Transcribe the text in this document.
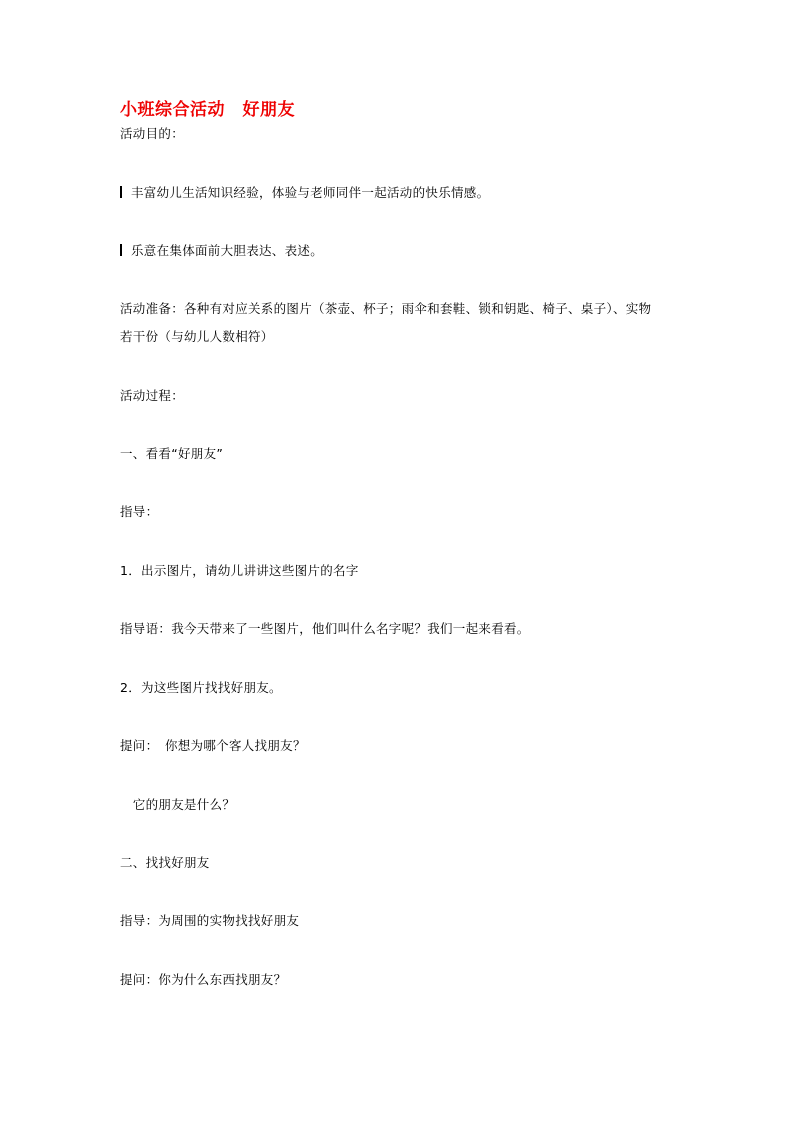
小班综合活动　好朋友
活动目的：
丰富幼儿生活知识经验，体验与老师同伴一起活动的快乐情感。
乐意在集体面前大胆表达、表述。
活动准备：各种有对应关系的图片（茶壶、杯子；雨伞和套鞋、锁和钥匙、椅子、桌子）、实物
若干份（与幼儿人数相符）
活动过程：
一、看看“好朋友”
指导：
1．出示图片，请幼儿讲讲这些图片的名字
指导语：我今天带来了一些图片，他们叫什么名字呢？我们一起来看看。
2．为这些图片找找好朋友。
提问：　你想为哪个客人找朋友？
　它的朋友是什么？
二、找找好朋友
指导：为周围的实物找找好朋友
提问：你为什么东西找朋友？
